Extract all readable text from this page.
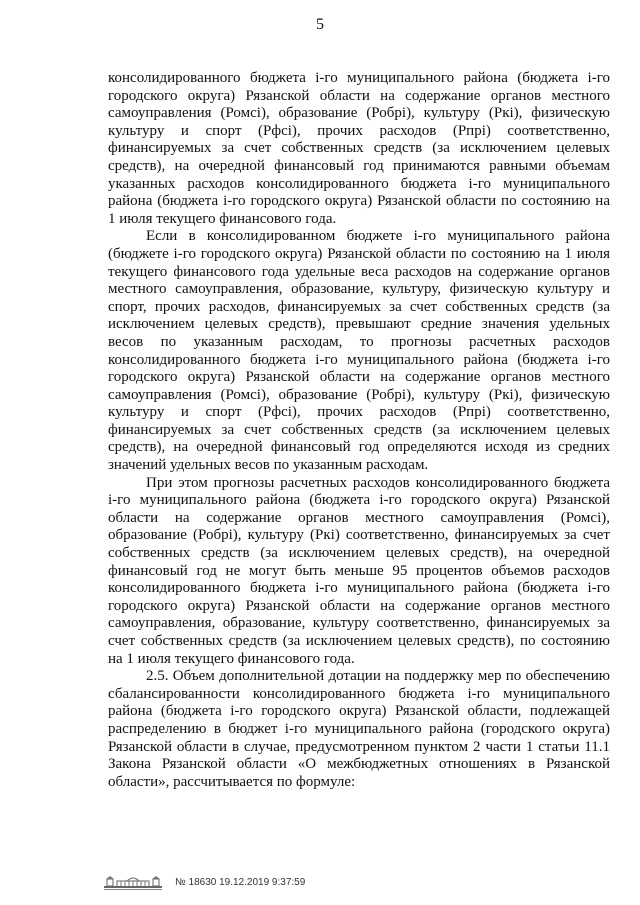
5

консолидированного бюджета i-го муниципального района (бюджета i-го городского округа) Рязанской области на содержание органов местного самоуправления (Ромсi), образование (Робрi), культуру (Ркi), физическую культуру и спорт (Рфсi), прочих расходов (Рпрi) соответственно, финансируемых за счет собственных средств (за исключением целевых средств), на очередной финансовый год принимаются равными объемам указанных расходов консолидированного бюджета i-го муниципального района (бюджета i-го городского округа) Рязанской области по состоянию на 1 июля текущего финансового года.

Если в консолидированном бюджете i-го муниципального района (бюджете i-го городского округа) Рязанской области по состоянию на 1 июля текущего финансового года удельные веса расходов на содержание органов местного самоуправления, образование, культуру, физическую культуру и спорт, прочих расходов, финансируемых за счет собственных средств (за исключением целевых средств), превышают средние значения удельных весов по указанным расходам, то прогнозы расчетных расходов консолидированного бюджета i-го муниципального района (бюджета i-го городского округа) Рязанской области на содержание органов местного самоуправления (Ромсi), образование (Робрi), культуру (Ркi), физическую культуру и спорт (Рфсi), прочих расходов (Рпрi) соответственно, финансируемых за счет собственных средств (за исключением целевых средств), на очередной финансовый год определяются исходя из средних значений удельных весов по указанным расходам.

При этом прогнозы расчетных расходов консолидированного бюджета i-го муниципального района (бюджета i-го городского округа) Рязанской области на содержание органов местного самоуправления (Ромсi), образование (Робрi), культуру (Ркi) соответственно, финансируемых за счет собственных средств (за исключением целевых средств), на очередной финансовый год не могут быть меньше 95 процентов объемов расходов консолидированного бюджета i-го муниципального района (бюджета i-го городского округа) Рязанской области на содержание органов местного самоуправления, образование, культуру соответственно, финансируемых за счет собственных средств (за исключением целевых средств), по состоянию на 1 июля текущего финансового года.

2.5. Объем дополнительной дотации на поддержку мер по обеспечению сбалансированности консолидированного бюджета i-го муниципального района (бюджета i-го городского округа) Рязанской области, подлежащей распределению в бюджет i-го муниципального района (городского округа) Рязанской области в случае, предусмотренном пунктом 2 части 1 статьи 11.1 Закона Рязанской области «О межбюджетных отношениях в Рязанской области», рассчитывается по формуле:

№ 18630 19.12.2019 9:37:59
